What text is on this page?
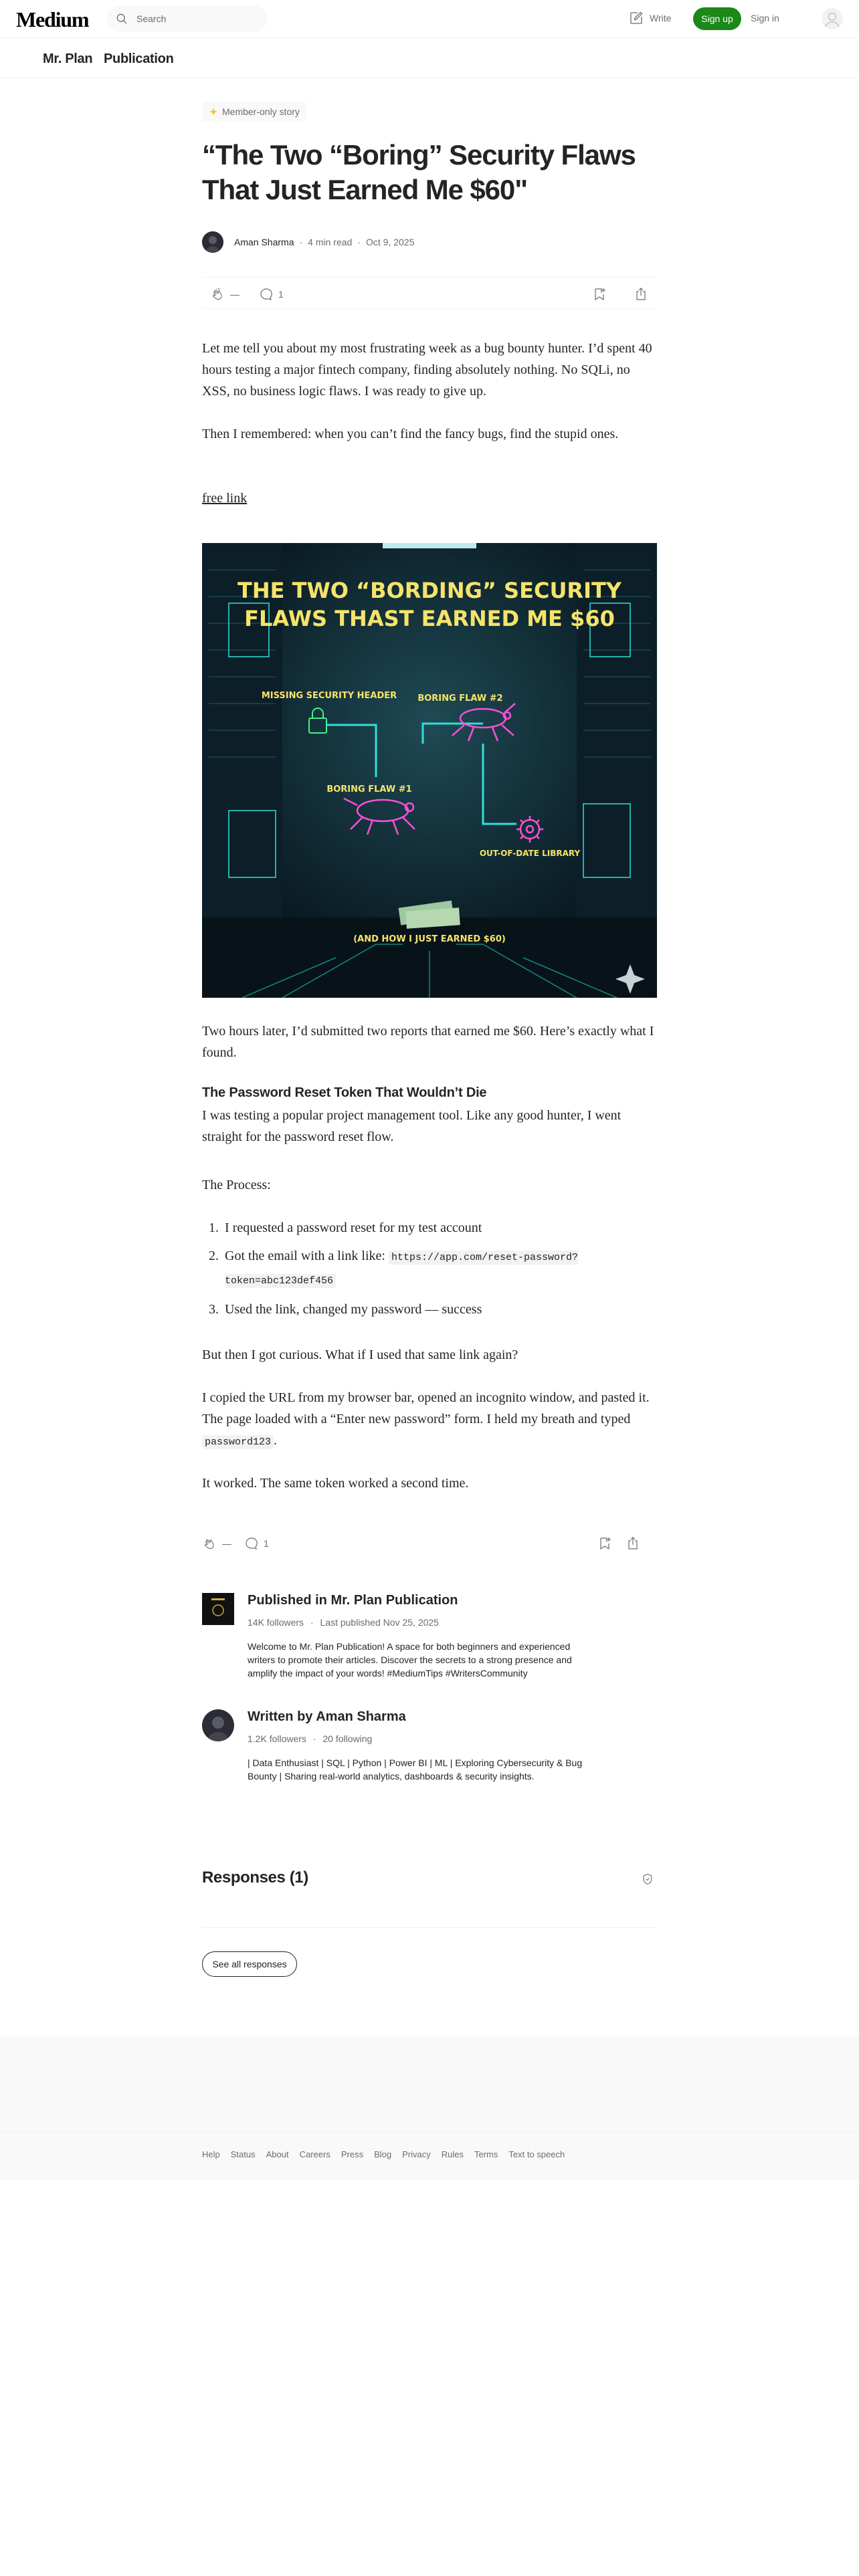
Medium
Search	Write	Sign up	Sign in
Mr. Plan Publication
Member-only story
“The Two “Boring” Security Flaws That Just Earned Me $60"
Aman Sharma · 4 min read · Oct 9, 2025
—	1

Let me tell you about my most frustrating week as a bug bounty hunter. I’d spent 40 hours testing a major fintech company, finding absolutely nothing. No SQLi, no XSS, no business logic flaws. I was ready to give up.

Then I remembered: when you can’t find the fancy bugs, find the stupid ones.

free link

THE TWO “BORDING” SECURITY
FLAWS THAST EARNED ME $60
MISSING SECURITY HEADER BORING FLAW #2
BORING FLAW #1
OUT-OF-DATE LIBRARY
(AND HOW I JUST EARNED $60)

Two hours later, I’d submitted two reports that earned me $60. Here’s exactly what I found.

The Password Reset Token That Wouldn’t Die

I was testing a popular project management tool. Like any good hunter, I went straight for the password reset flow.

The Process:

1. I requested a password reset for my test account
2. Got the email with a link like: https://app.com/reset-password?token=abc123def456
3. Used the link, changed my password — success

But then I got curious. What if I used that same link again?

I copied the URL from my browser bar, opened an incognito window, and pasted it. The page loaded with a “Enter new password” form. I held my breath and typed password123 .

It worked. The same token worked a second time.

—	1
Published in Mr. Plan Publication
14K followers · Last published Nov 25, 2025
Welcome to Mr. Plan Publication! A space for both beginners and experienced writers to promote their articles. Discover the secrets to a strong presence and amplify the impact of your words! #MediumTips #WritersCommunity
Written by Aman Sharma
1.2K followers · 20 following
| Data Enthusiast | SQL | Python | Power BI | ML | Exploring Cybersecurity & Bug Bounty | Sharing real-world analytics, dashboards & security insights.
Responses (1)
See all responses
Help Status About Careers Press Blog Privacy Rules Terms Text to speech
